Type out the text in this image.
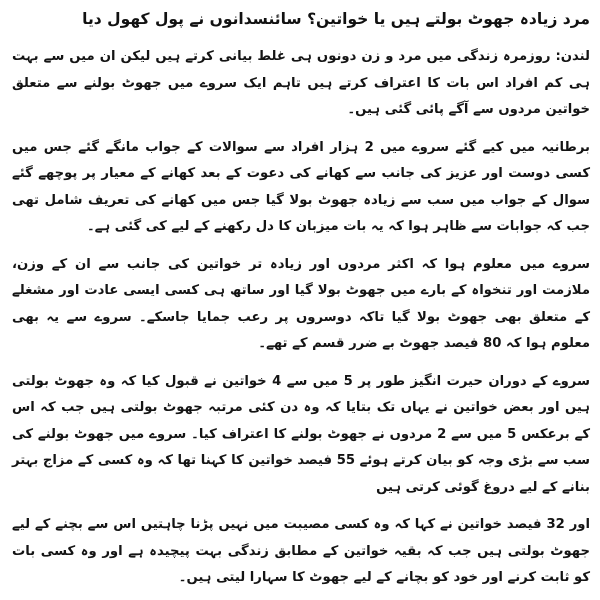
مرد زیادہ جھوٹ بولتے ہیں یا خواتین؟ سائنسدانوں نے پول کھول دیا

لندن: روزمرہ زندگی میں مرد و زن دونوں ہی غلط بیانی کرتے ہیں لیکن ان میں سے بہت ہی کم افراد اس بات کا اعتراف کرتے ہیں تاہم ایک سروے میں جھوٹ بولنے سے متعلق خواتین مردوں سے آگے پائی گئی ہیں۔

برطانیہ میں کیے گئے سروے میں 2 ہزار افراد سے سوالات کے جواب مانگے گئے جس میں کسی دوست اور عزیز کی جانب سے کھانے کی دعوت کے بعد کھانے کے معیار پر پوچھے گئے سوال کے جواب میں سب سے زیادہ جھوٹ بولا گیا جس میں کھانے کی تعریف شامل تھی جب کہ جوابات سے ظاہر ہوا کہ یہ بات میزبان کا دل رکھنے کے لیے کی گئی ہے۔

سروے میں معلوم ہوا کہ اکثر مردوں اور زیادہ تر خواتین کی جانب سے ان کے وزن، ملازمت اور تنخواہ کے بارے میں جھوٹ بولا گیا اور ساتھ ہی کسی ایسی عادت اور مشغلے کے متعلق بھی جھوٹ بولا گیا تاکہ دوسروں پر رعب جمایا جاسکے۔ سروے سے یہ بھی معلوم ہوا کہ 80 فیصد جھوٹ بے ضرر قسم کے تھے۔

سروے کے دوران حیرت انگیز طور پر 5 میں سے 4 خواتین نے قبول کیا کہ وہ جھوٹ بولتی ہیں اور بعض خواتین نے یہاں تک بتایا کہ وہ دن کئی مرتبہ جھوٹ بولتی ہیں جب کہ اس کے برعکس 5 میں سے 2 مردوں نے جھوٹ بولنے کا اعتراف کیا۔ سروے میں جھوٹ بولنے کی سب سے بڑی وجہ کو بیان کرتے ہوئے 55 فیصد خواتین کا کہنا تھا کہ وہ کسی کے مزاج بہتر بنانے کے لیے دروغ گوئی کرتی ہیں

اور 32 فیصد خواتین نے کہا کہ وہ کسی مصیبت میں نہیں پڑنا چاہتیں اس سے بچنے کے لیے جھوٹ بولتی ہیں جب کہ بقیہ خواتین کے مطابق زندگی بہت پیچیدہ ہے اور وہ کسی بات کو ثابت کرنے اور خود کو بچانے کے لیے جھوٹ کا سہارا لیتی ہیں۔
